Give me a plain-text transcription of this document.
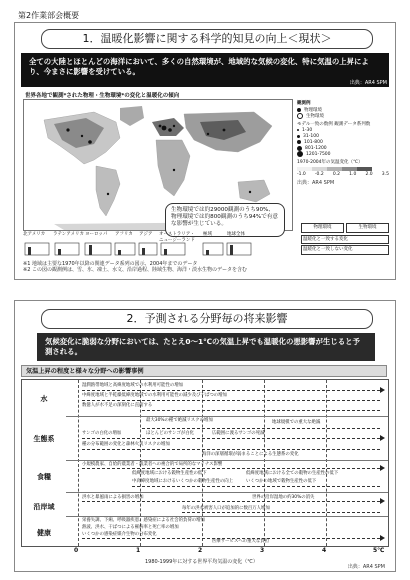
第2作業部会概要
1．温暖化影響に関する科学的知見の向上＜現状＞
全ての大陸とほとんどの海洋において、多くの自然環境が、地域的な気候の変化、特に気温の上昇により、今まさに影響を受けている。
出典：AR4 SPM
世界各地で観測*された物理・生物環境*の変化と温暖化の傾向
観測例
物理環境
生物環境
モデル一致の数例 観測データ系列数
1-30
31-100
101-800
801-1200
1201-7500
1970-2004年の気温変化（℃）
-1.0 -0.2 0.2 1.0 2.0 3.5
出典：AR4 SPM
生物環境では約29000観測のうち90%、物理環境では約800観測のうち94%で有意な影響が生じている。
北アメリカ ラテンアメリカ ヨーロッパ アフリカ アジア オーストラリア・ニュージーランド
極域	地球全体
物理環境	生物環境
温暖化と一致する変化
温暖化と一致しない変化
※1 地域は主要な1970年以降の関連データ系列の図示、2004年までのデータ
※2 この図の観測例は、雪、氷、凍土、水文、沿岸過程、陸域生物、海洋・淡水生物のデータを含む
2．予測される分野毎の将来影響
気候変化に脆弱な分野においては、たとえ0～1℃の気温上昇でも温暖化の悪影響が生じると予測される。
気温上昇の程度と様々な分野への影響事例
水
湿潤熱帯地域と高緯度地域での水利用可能性の増加
中緯度地域と半乾燥低緯度地域での水利用可能性の減少及び干ばつの増加
数億人が水不足の深刻化に直面する
生態系
最大30%の種で絶滅リスクの増加	地球規模での重大な絶滅
サンゴの白化の増加	ほとんどのサンゴが白化	広範囲に渡るサンゴの死滅
種の分布範囲の変化と森林火災リスクの増加
海洋の深層循環が弱まることによる生態系の変化
食糧
小規模農家、自給的農業者・漁業者への複合的で局所的なマイナス影響
低緯度地域における穀物生産性の低下	低緯度地域における全ての穀物の生産性の低下
中高緯度地域におけるいくつかの穀物生産性の向上	いくつかの地域で穀物生産性の低下
沿岸域
洪水と暴風雨による損害の増加	世界の沿岸湿地の約30%の消失
毎年の洪水被害人口が追加的に数百万人増加
健康
栄養失調、下痢、呼吸器疾患、感染症による社会的負荷の増加
熱波、洪水、干ばつによる罹病率と死亡率の増加
いくつかの感染症媒介生物の分布変化
医療サービスへの重大な負担
0	1	2	3	4	5℃
1980-1999年に対する世界平均気温の変化（℃）
出典：AR4 SPM
